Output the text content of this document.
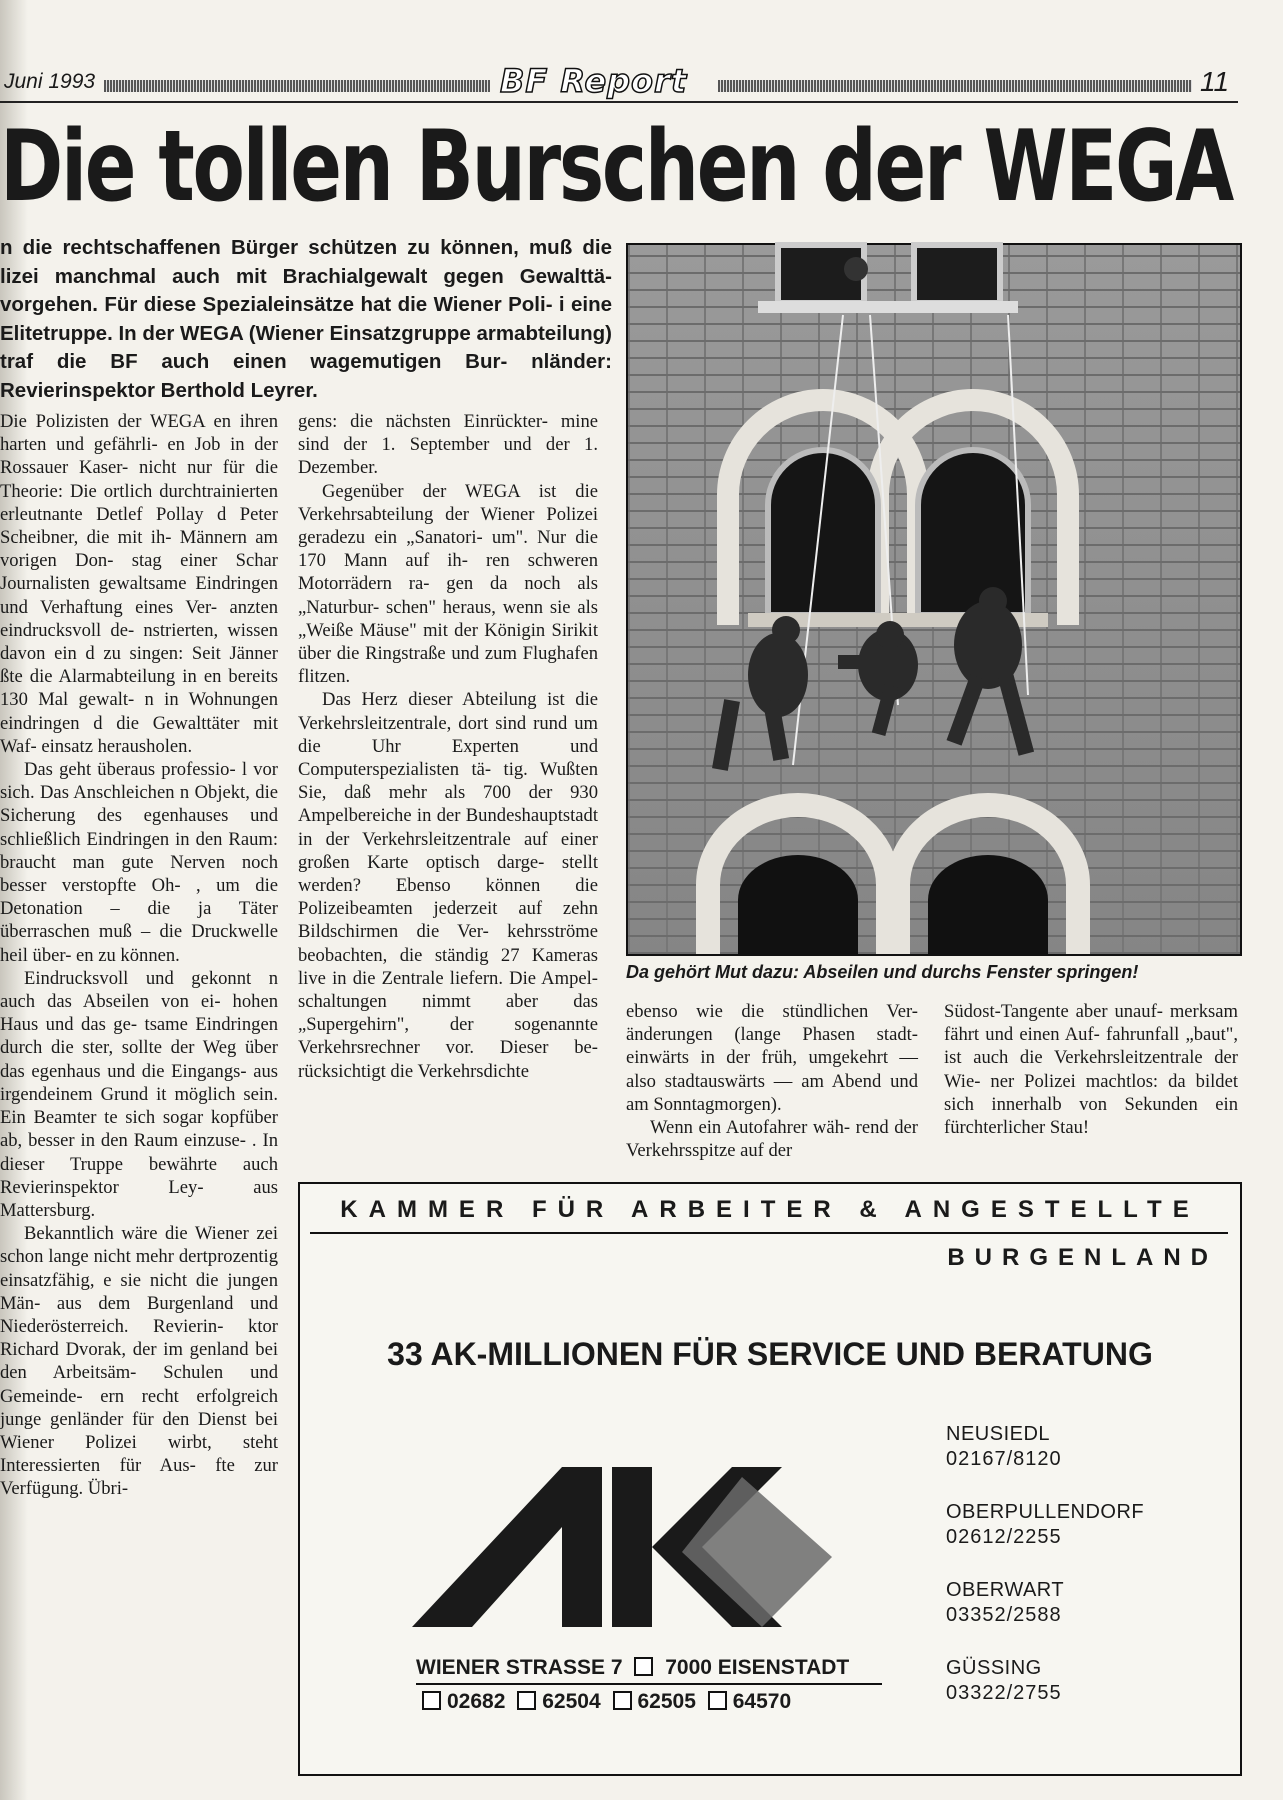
Juni 1993	BF Report	11
Die tollen Burschen der WEGA
n die rechtschaffenen Bürger schützen zu können, muß die lizei manchmal auch mit Brachialgewalt gegen Gewalttä- vorgehen. Für diese Spezialeinsätze hat die Wiener Poli- i eine Elitetruppe. In der WEGA (Wiener Einsatzgruppe armabteilung) traf die BF auch einen wagemutigen Bur- nländer: Revierinspektor Berthold Leyrer.

Die Polizisten der WEGA en ihren harten und gefährli- en Job in der Rossauer Kaser- nicht nur für die Theorie: Die ortlich durchtrainierten erleutnante Detlef Pollay d Peter Scheibner, die mit ih- Männern am vorigen Don- stag einer Schar Journalisten gewaltsame Eindringen und Verhaftung eines Ver- anzten eindrucksvoll de- nstrierten, wissen davon ein d zu singen: Seit Jänner ßte die Alarmabteilung in en bereits 130 Mal gewalt- n in Wohnungen eindringen d die Gewalttäter mit Waf- einsatz herausholen.

Das geht überaus professio- l vor sich. Das Anschleichen n Objekt, die Sicherung des egenhauses und schließlich Eindringen in den Raum: braucht man gute Nerven noch besser verstopfte Oh- , um die Detonation – die ja Täter überraschen muß – die Druckwelle heil über- en zu können.

Eindrucksvoll und gekonnt n auch das Abseilen von ei- hohen Haus und das ge- tsame Eindringen durch die ster, sollte der Weg über das egenhaus und die Eingangs- aus irgendeinem Grund it möglich sein. Ein Beamter te sich sogar kopfüber ab, besser in den Raum einzuse- . In dieser Truppe bewährte auch Revierinspektor Ley- aus Mattersburg.

Bekanntlich wäre die Wiener zei schon lange nicht mehr dertprozentig einsatzfähig, e sie nicht die jungen Män- aus dem Burgenland und Niederösterreich. Revierin- ktor Richard Dvorak, der im genland bei den Arbeitsäm- Schulen und Gemeinde- ern recht erfolgreich junge genländer für den Dienst bei Wiener Polizei wirbt, steht Interessierten für Aus- fte zur Verfügung. Übri-

gens: die nächsten Einrückter- mine sind der 1. September und der 1. Dezember.

Gegenüber der WEGA ist die Verkehrsabteilung der Wiener Polizei geradezu ein „Sanatori- um". Nur die 170 Mann auf ih- ren schweren Motorrädern ra- gen da noch als „Naturbur- schen" heraus, wenn sie als „Weiße Mäuse" mit der Königin Sirikit über die Ringstraße und zum Flughafen flitzen.

Das Herz dieser Abteilung ist die Verkehrsleitzentrale, dort sind rund um die Uhr Experten und Computerspezialisten tä- tig. Wußten Sie, daß mehr als 700 der 930 Ampelbereiche in der Bundeshauptstadt in der Verkehrsleitzentrale auf einer großen Karte optisch darge- stellt werden? Ebenso können die Polizeibeamten jederzeit auf zehn Bildschirmen die Ver- kehrsströme beobachten, die ständig 27 Kameras live in die Zentrale liefern. Die Ampel- schaltungen nimmt aber das „Supergehirn", der sogenannte Verkehrsrechner vor. Dieser be- rücksichtigt die Verkehrsdichte

ebenso wie die stündlichen Ver- änderungen (lange Phasen stadt- einwärts in der früh, umgekehrt — also stadtauswärts — am Abend und am Sonntagmorgen).

Wenn ein Autofahrer wäh- rend der Verkehrsspitze auf der

Südost-Tangente aber unauf- merksam fährt und einen Auf- fahrunfall „baut", ist auch die Verkehrsleitzentrale der Wie- ner Polizei machtlos: da bildet sich innerhalb von Sekunden ein fürchterlicher Stau!

Da gehört Mut dazu: Abseilen und durchs Fenster springen!
KAMMER FÜR ARBEITER & ANGESTELLTE
BURGENLAND
33 AK-MILLIONEN FÜR SERVICE UND BERATUNG
WIENER STRASSE 7 7000 EISENSTADT
02682 62504 62505 64570
NEUSIEDL
02167/8120
OBERPULLENDORF
02612/2255
OBERWART
03352/2588
GÜSSING
03322/2755
